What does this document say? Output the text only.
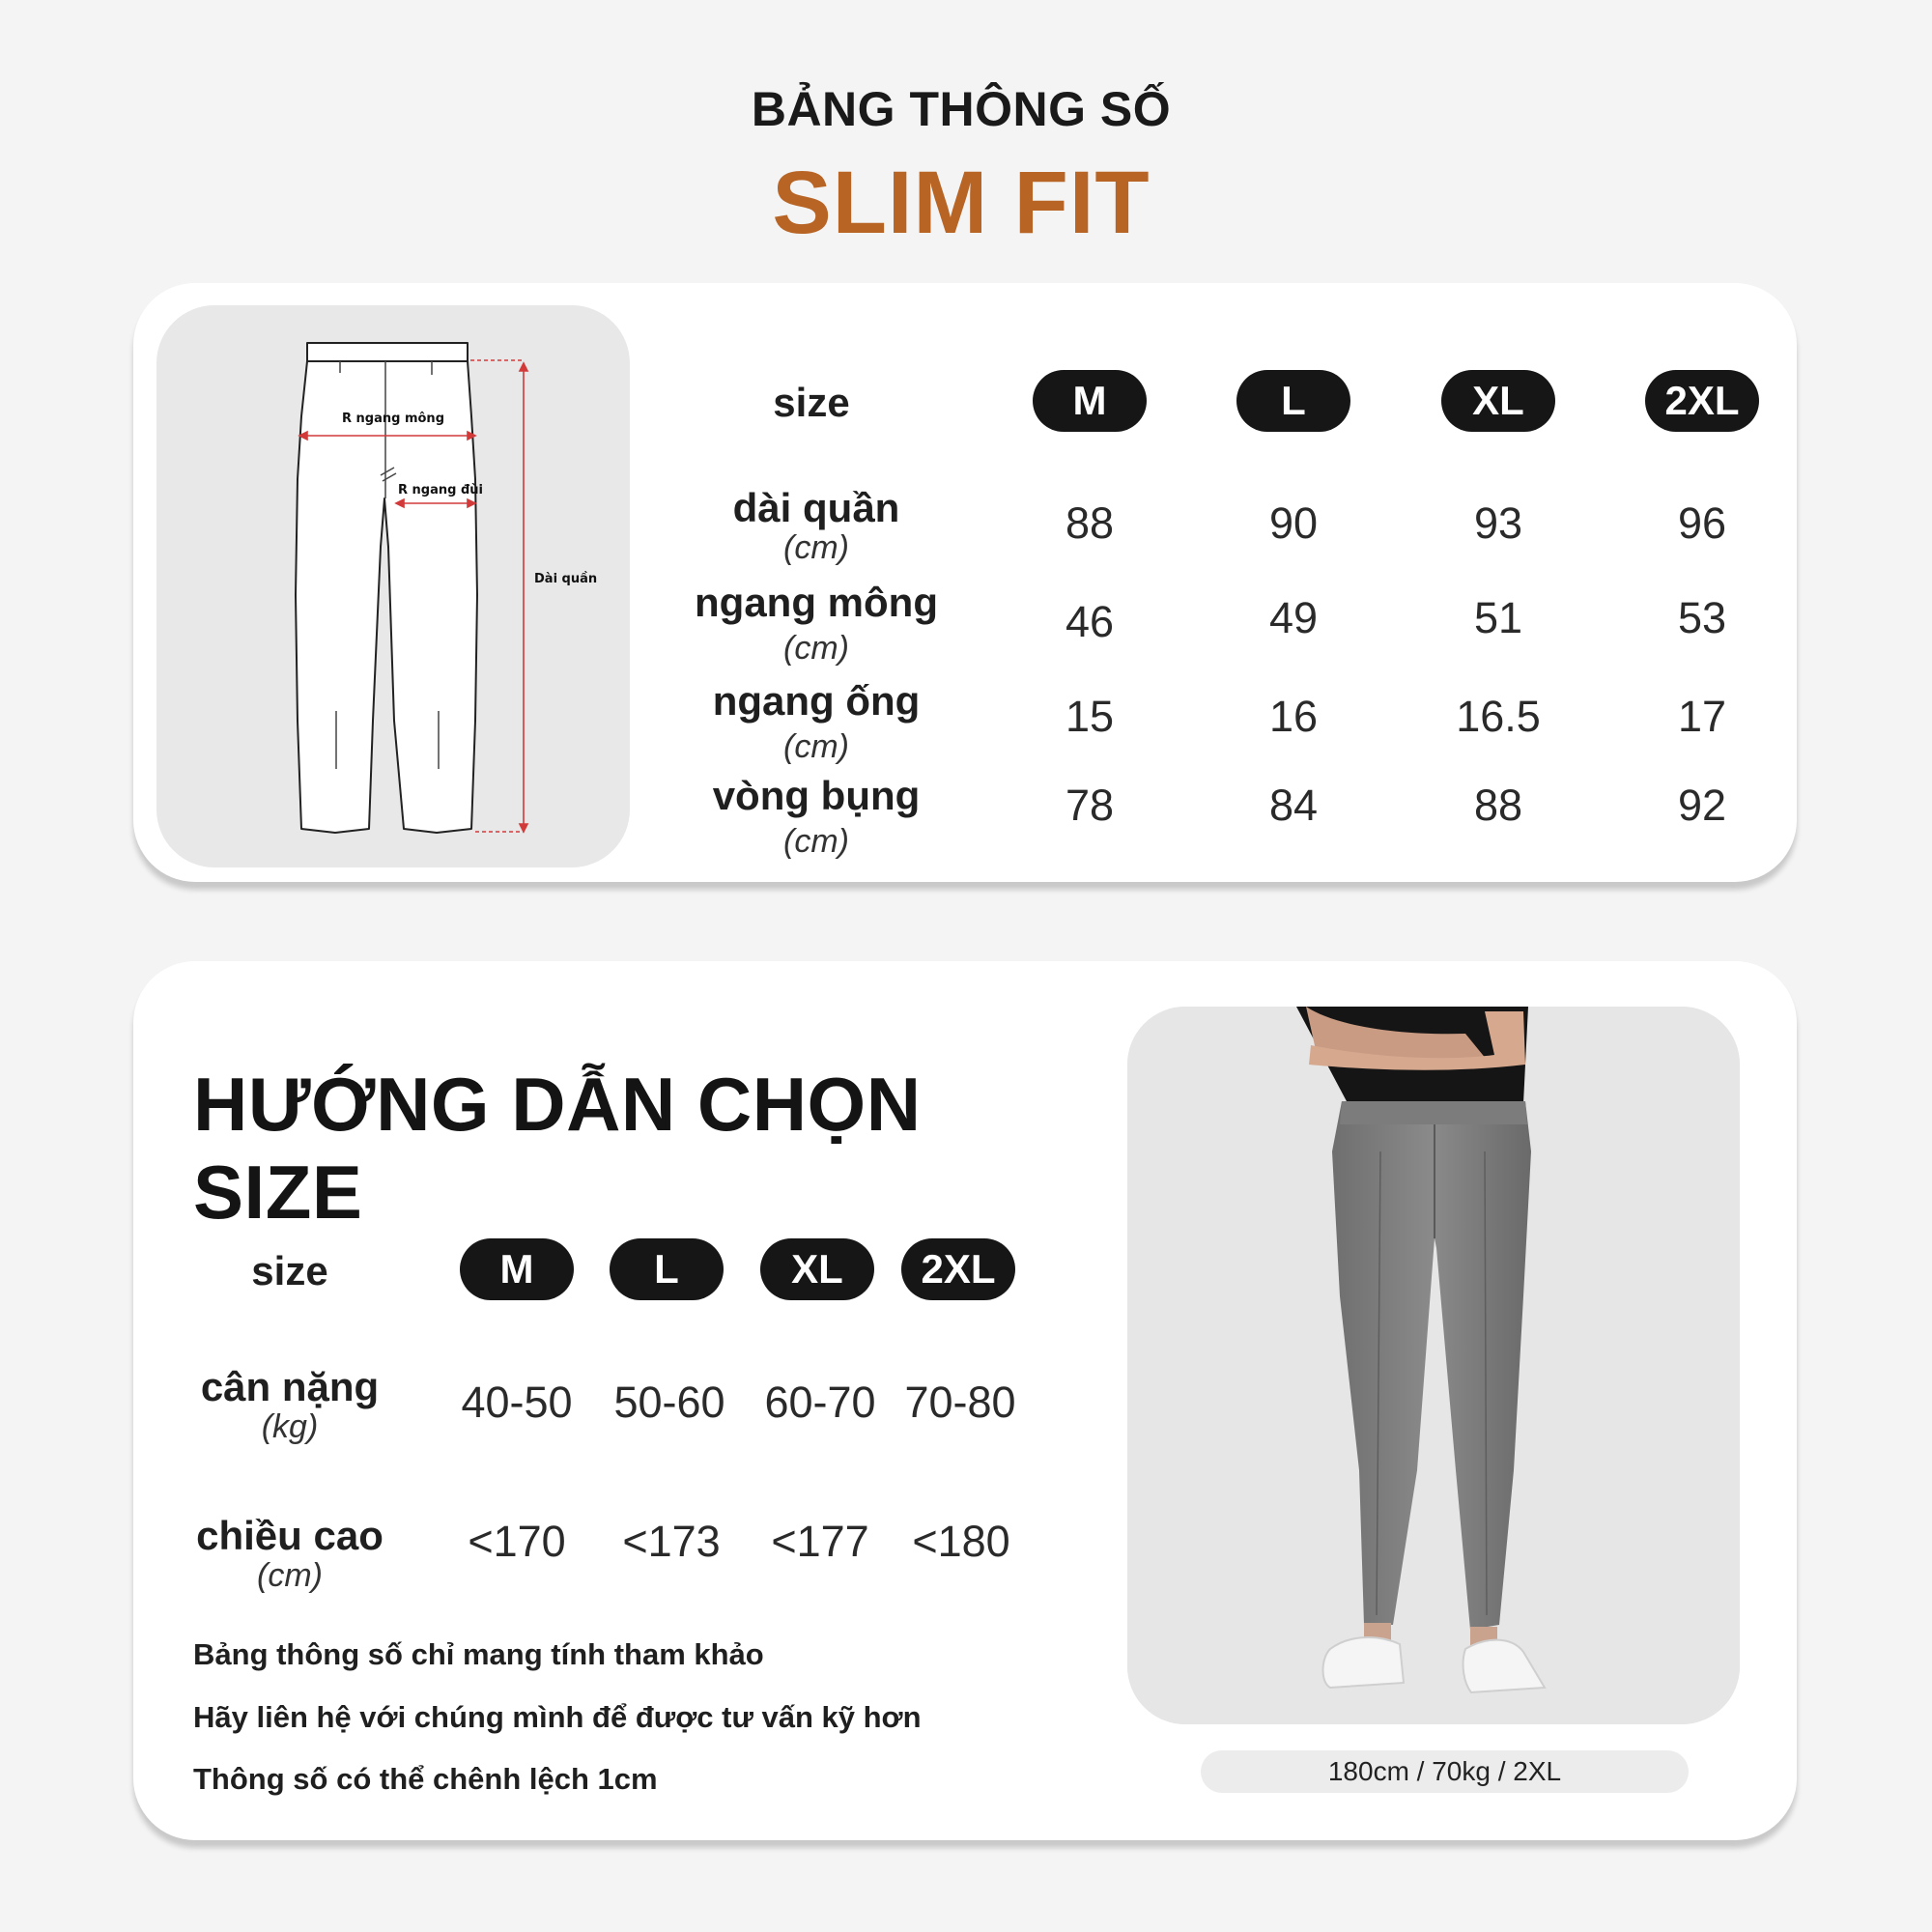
BẢNG THÔNG SỐ
SLIM FIT
R ngang mông
R ngang đùi
Dài quần
size	M	L	XL	2XL
dài quần
(cm)	88	90	93	96
ngang mông
(cm)
46	49	51	53
ngang ống
(cm)
15	16	16.5	17
vòng bụng
(cm)
78	84	88	92
HƯỚNG DẪN CHỌN SIZE
size	M	L	XL	2XL
cân nặng
(kg)	40-50 50-60 60-70 70-80
chiều cao
(cm)
<170	<173	<177 <180
Bảng thông số chỉ mang tính tham khảo
Hãy liên hệ với chúng mình để được tư vấn kỹ hơn
Thông số có thể chênh lệch 1cm	180cm / 70kg / 2XL
